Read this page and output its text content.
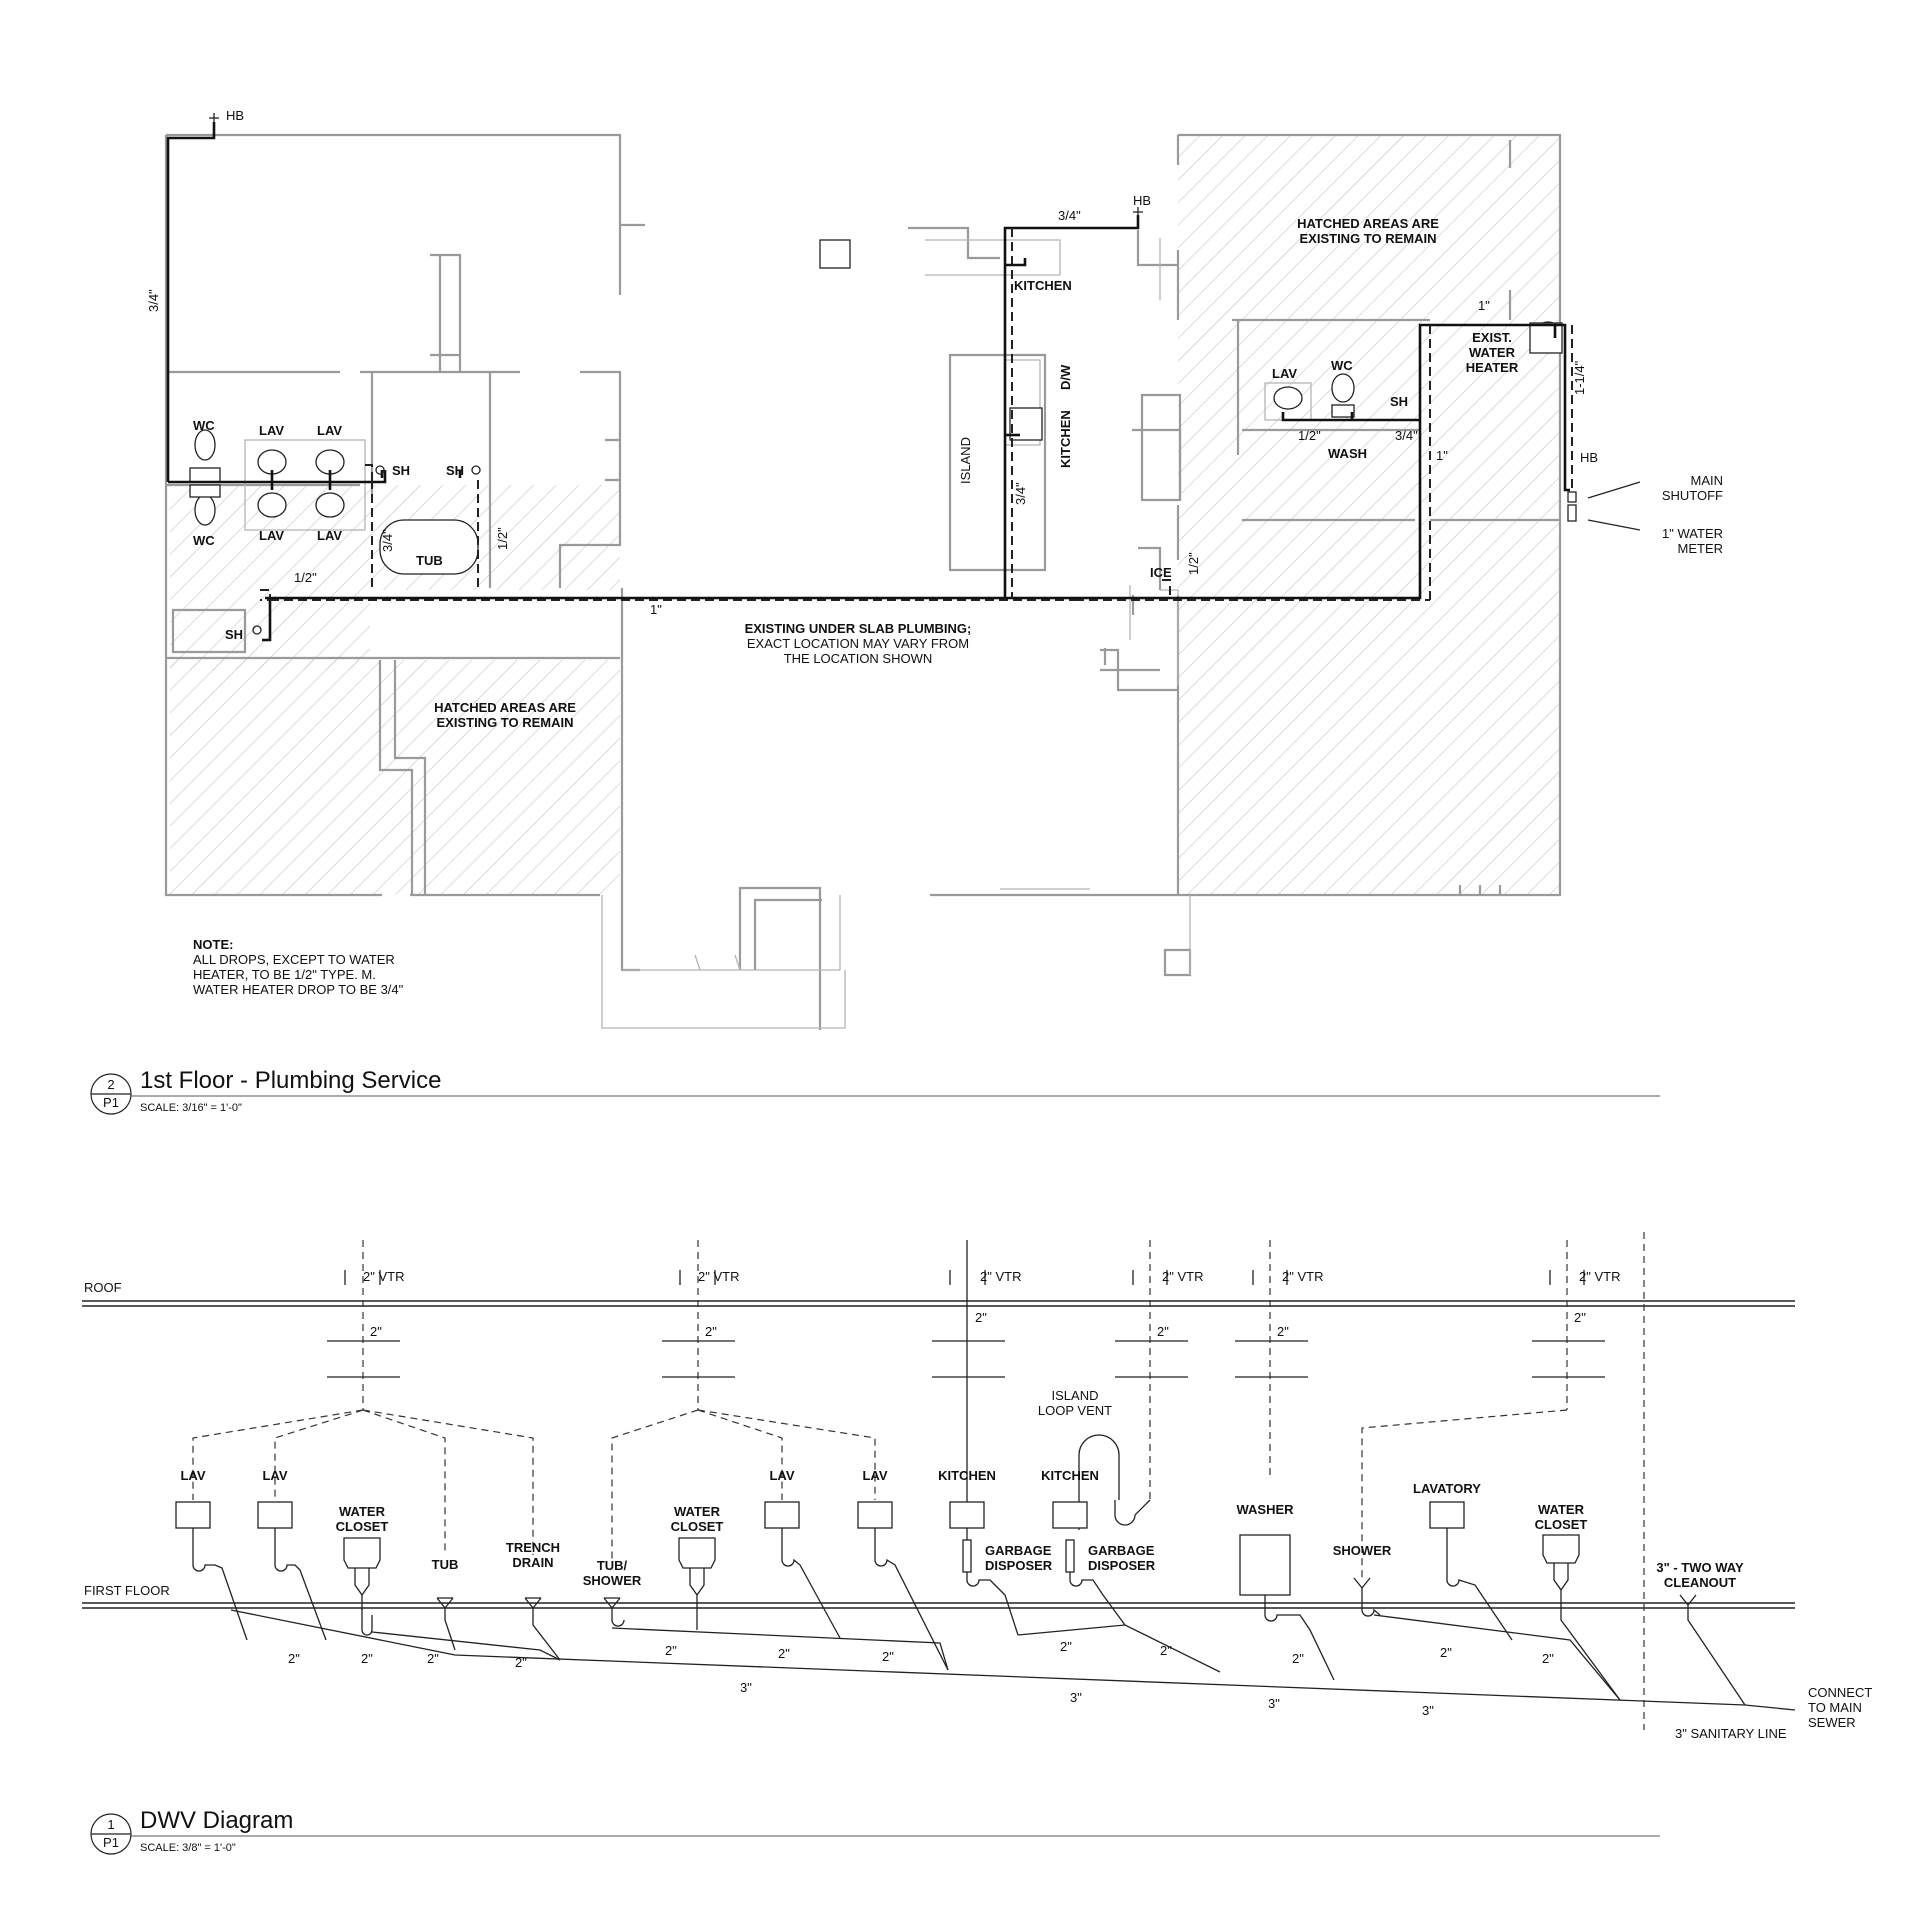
HB
HB
HB
3/4"
3/4"
3/4"
3/4"	1/2"
1/2"
1"
1/2"
1"
1"
1-1/4"
1/2"	3/4"
WC
WC
LAV	LAV
LAV	LAV
SH	SH
SH
TUB
KITCHEN
KITCHEN
D/W
ISLAND
ICE
LAV
WC
SH
WASH
EXIST.
WATER
HEATER
MAIN
SHUTOFF
1" WATER
METER
HATCHED AREAS ARE
EXISTING TO REMAIN
HATCHED AREAS ARE
EXISTING TO REMAIN
EXISTING UNDER SLAB PLUMBING;
EXACT LOCATION MAY VARY FROM
THE LOCATION SHOWN
NOTE:
ALL DROPS, EXCEPT TO WATER
HEATER, TO BE 1/2" TYPE. M.
WATER HEATER DROP TO BE 3/4"
2
P1
1st Floor - Plumbing Service
SCALE: 3/16" = 1'-0"
ROOF
FIRST FLOOR
2" VTR	2" VTR	2" VTR	2" VTR	2" VTR	2" VTR
2"	2"
2"
2"	2"
2"
ISLAND
LOOP VENT
LAV	LAV
WATER
CLOSET
TUB
TRENCH
DRAIN	TUB/
SHOWER
WATER
CLOSET
LAV	LAV	KITCHEN	KITCHEN
GARBAGE
DISPOSER
GARBAGE
DISPOSER
WASHER
SHOWER
LAVATORY
WATER
CLOSET
3" - TWO WAY
CLEANOUT
2"	2"	2"	2"
2"	2"	2"
2"	2"
2"	2"	2"
3"
3"	3"	3"
CONNECT
TO MAIN
SEWER
3" SANITARY LINE
1
P1
DWV Diagram
SCALE: 3/8" = 1'-0"
